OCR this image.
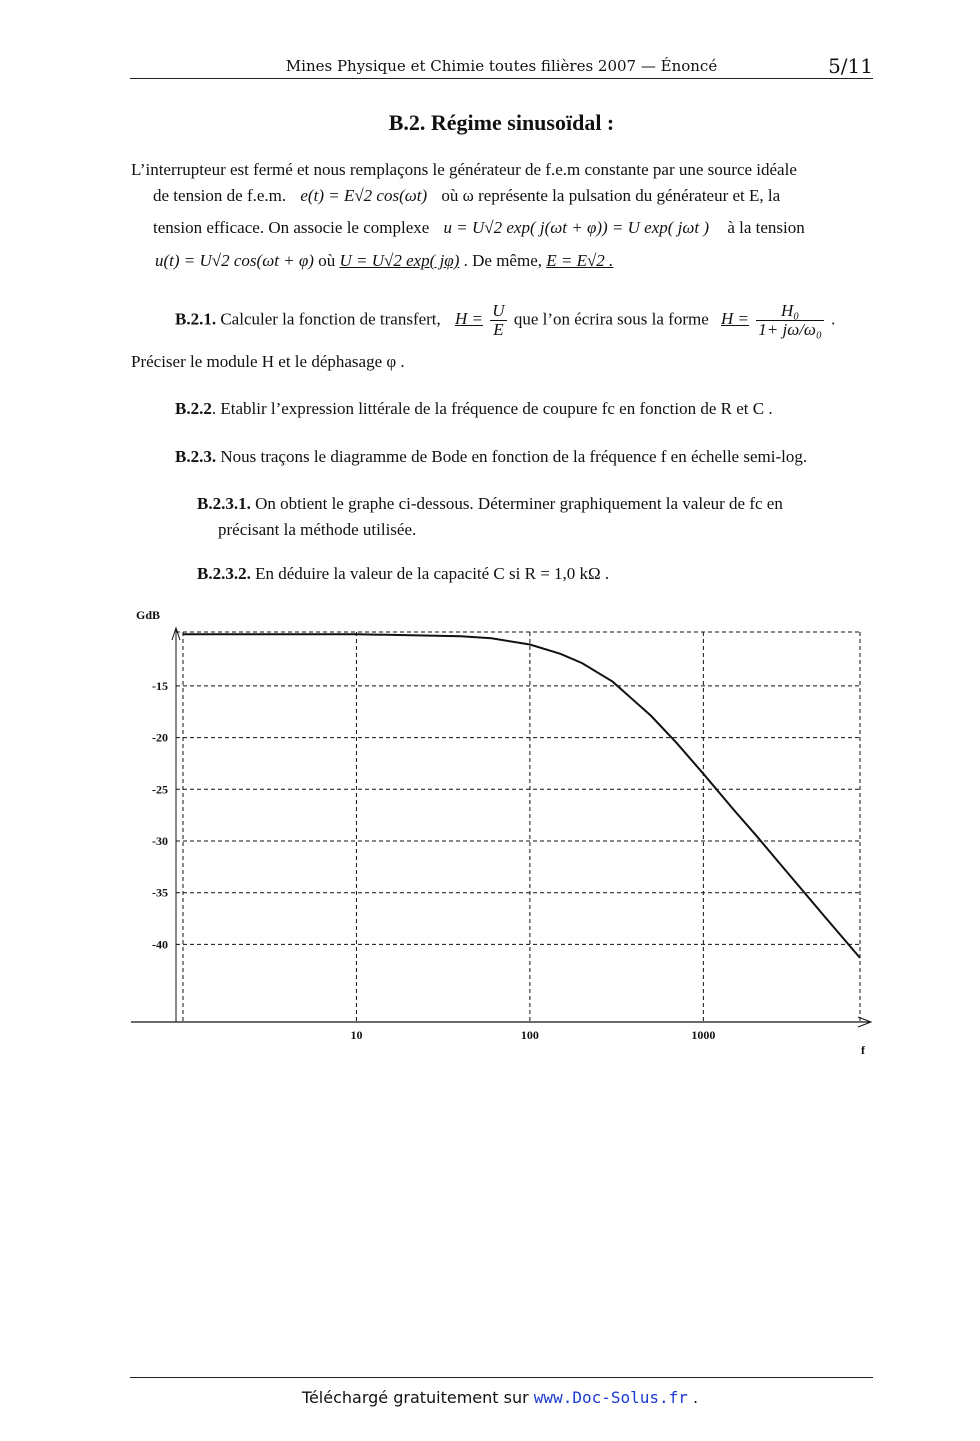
Mines Physique et Chimie toutes filières 2007 — Énoncé	5/11
B.2. Régime sinusoïdal :
L’interrupteur est fermé et nous remplaçons le générateur de f.e.m constante par une source idéale
de tension de f.e.m. e(t) = E√2 cos(ωt) où ω représente la pulsation du générateur et E, la
tension efficace. On associe le complexe u = U√2 exp( j(ωt + φ)) = U exp( jωt ) à la tension
u(t) = U√2 cos(ωt + φ) où U = U√2 exp( jφ) . De même, E = E√2 .
B.2.1. Calculer la fonction de transfert, $H = \frac{U}{E}$ que l’on écrira sous la forme $H = \frac{\text{H₀}}{\text{1+ jω/ω₀}}$ .
Préciser le module H et le déphasage φ .
B.2.2. Etablir l’expression littérale de la fréquence de coupure fc en fonction de R et C .
B.2.3. Nous traçons le diagramme de Bode en fonction de la fréquence f en échelle semi-log.
B.2.3.1. On obtient le graphe ci-dessous. Déterminer graphiquement la valeur de fc en
précisant la méthode utilisée.
B.2.3.2. En déduire la valeur de la capacité C si R = 1,0 kΩ .
-15
-20
-25
-30
-35
-40
GdB
10	100	1000
f
Téléchargé gratuitement sur www.Doc-Solus.fr .
